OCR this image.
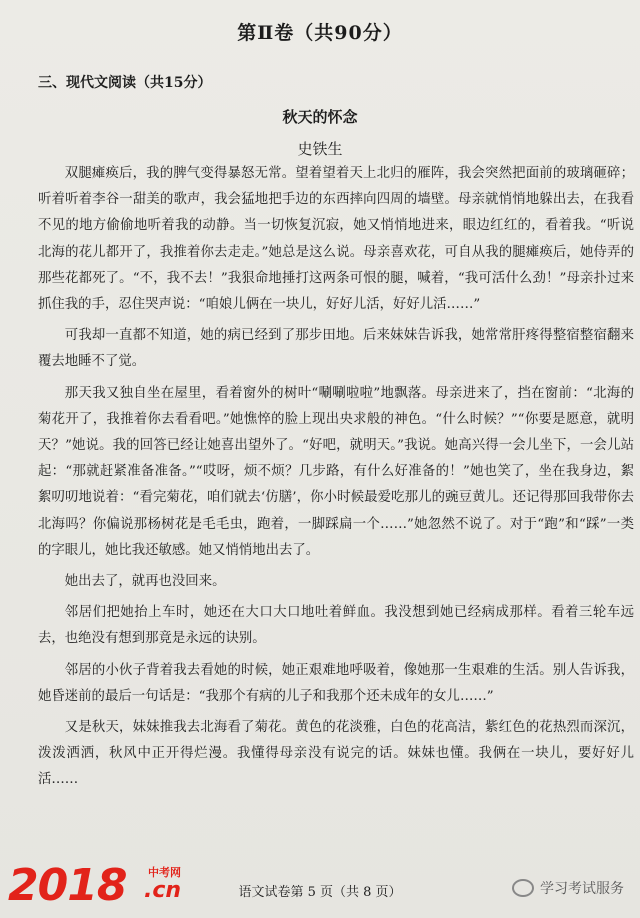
第Ⅱ卷（共90分）
三、现代文阅读（共15分）
秋天的怀念
史铁生

双腿瘫痪后，我的脾气变得暴怒无常。望着望着天上北归的雁阵，我会突然把面前的玻璃砸碎；听着听着李谷一甜美的歌声，我会猛地把手边的东西摔向四周的墙壁。母亲就悄悄地躲出去，在我看不见的地方偷偷地听着我的动静。当一切恢复沉寂，她又悄悄地进来，眼边红红的，看着我。“听说北海的花儿都开了，我推着你去走走。”她总是这么说。母亲喜欢花，可自从我的腿瘫痪后，她侍弄的那些花都死了。“不，我不去！”我狠命地捶打这两条可恨的腿，喊着，“我可活什么劲！”母亲扑过来抓住我的手，忍住哭声说：“咱娘儿俩在一块儿，好好儿活，好好儿活……”

可我却一直都不知道，她的病已经到了那步田地。后来妹妹告诉我，她常常肝疼得整宿整宿翻来覆去地睡不了觉。

那天我又独自坐在屋里，看着窗外的树叶“唰唰啦啦”地飘落。母亲进来了，挡在窗前：“北海的菊花开了，我推着你去看看吧。”她憔悴的脸上现出央求般的神色。“什么时候？”“你要是愿意，就明天？”她说。我的回答已经让她喜出望外了。“好吧，就明天。”我说。她高兴得一会儿坐下，一会儿站起：“那就赶紧准备准备。”“哎呀，烦不烦？几步路，有什么好准备的！”她也笑了，坐在我身边，絮絮叨叨地说着：“看完菊花，咱们就去‘仿膳’，你小时候最爱吃那儿的豌豆黄儿。还记得那回我带你去北海吗？你偏说那杨树花是毛毛虫，跑着，一脚踩扁一个……”她忽然不说了。对于“跑”和“踩”一类的字眼儿，她比我还敏感。她又悄悄地出去了。

她出去了，就再也没回来。

邻居们把她抬上车时，她还在大口大口地吐着鲜血。我没想到她已经病成那样。看着三轮车远去，也绝没有想到那竟是永远的诀别。

邻居的小伙子背着我去看她的时候，她正艰难地呼吸着，像她那一生艰难的生活。别人告诉我，她昏迷前的最后一句话是：“我那个有病的儿子和我那个还未成年的女儿……”

又是秋天，妹妹推我去北海看了菊花。黄色的花淡雅，白色的花高洁，紫红色的花热烈而深沉，泼泼洒洒，秋风中正开得烂漫。我懂得母亲没有说完的话。妹妹也懂。我俩在一块儿，要好好儿活……

语文试卷第 5 页（共 8 页）
2018 中考网
.cn	学习考试服务
